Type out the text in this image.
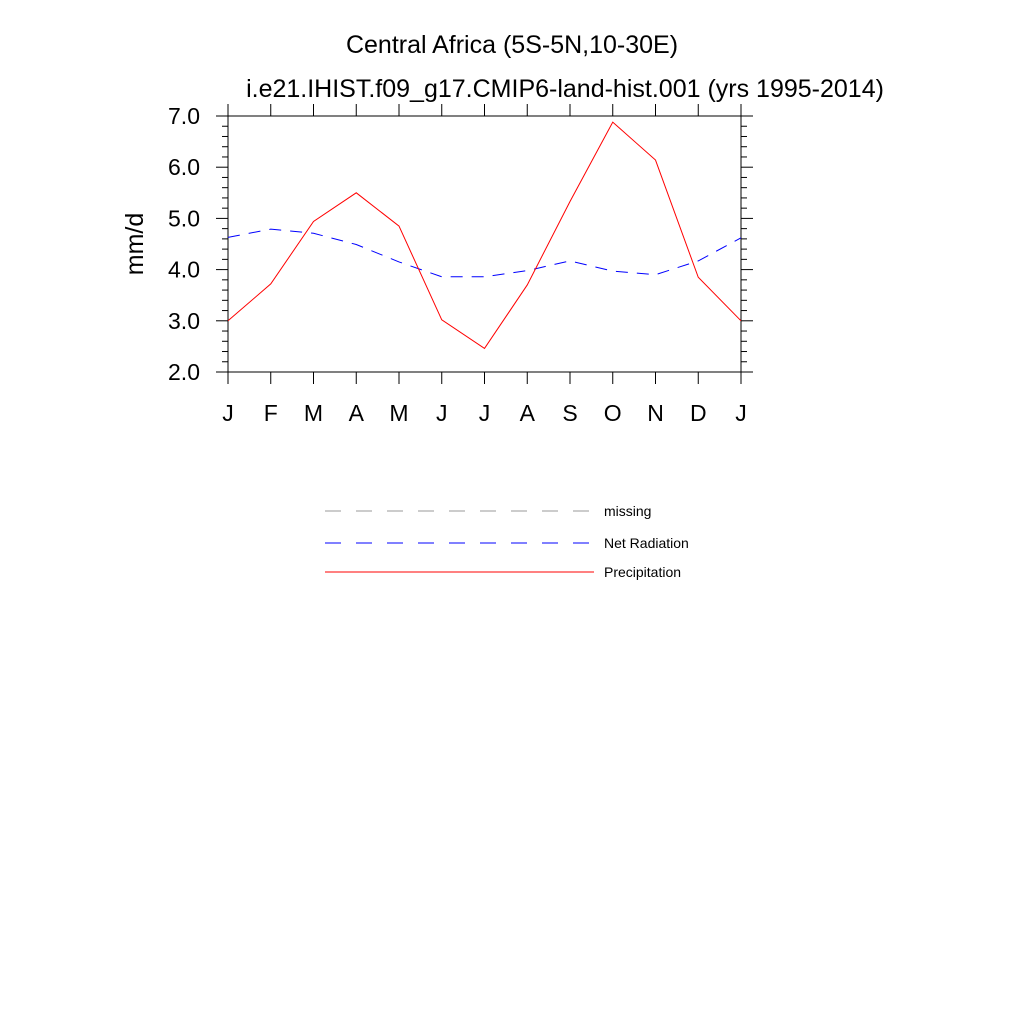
Central Africa (5S-5N,10-30E)
i.e21.IHIST.f09_g17.CMIP6-land-hist.001 (yrs 1995-2014)
mm/d
2.0
3.0
4.0
5.0
6.0
7.0
J F M A M J J A S O N D J
missing
Net Radiation
Precipitation
